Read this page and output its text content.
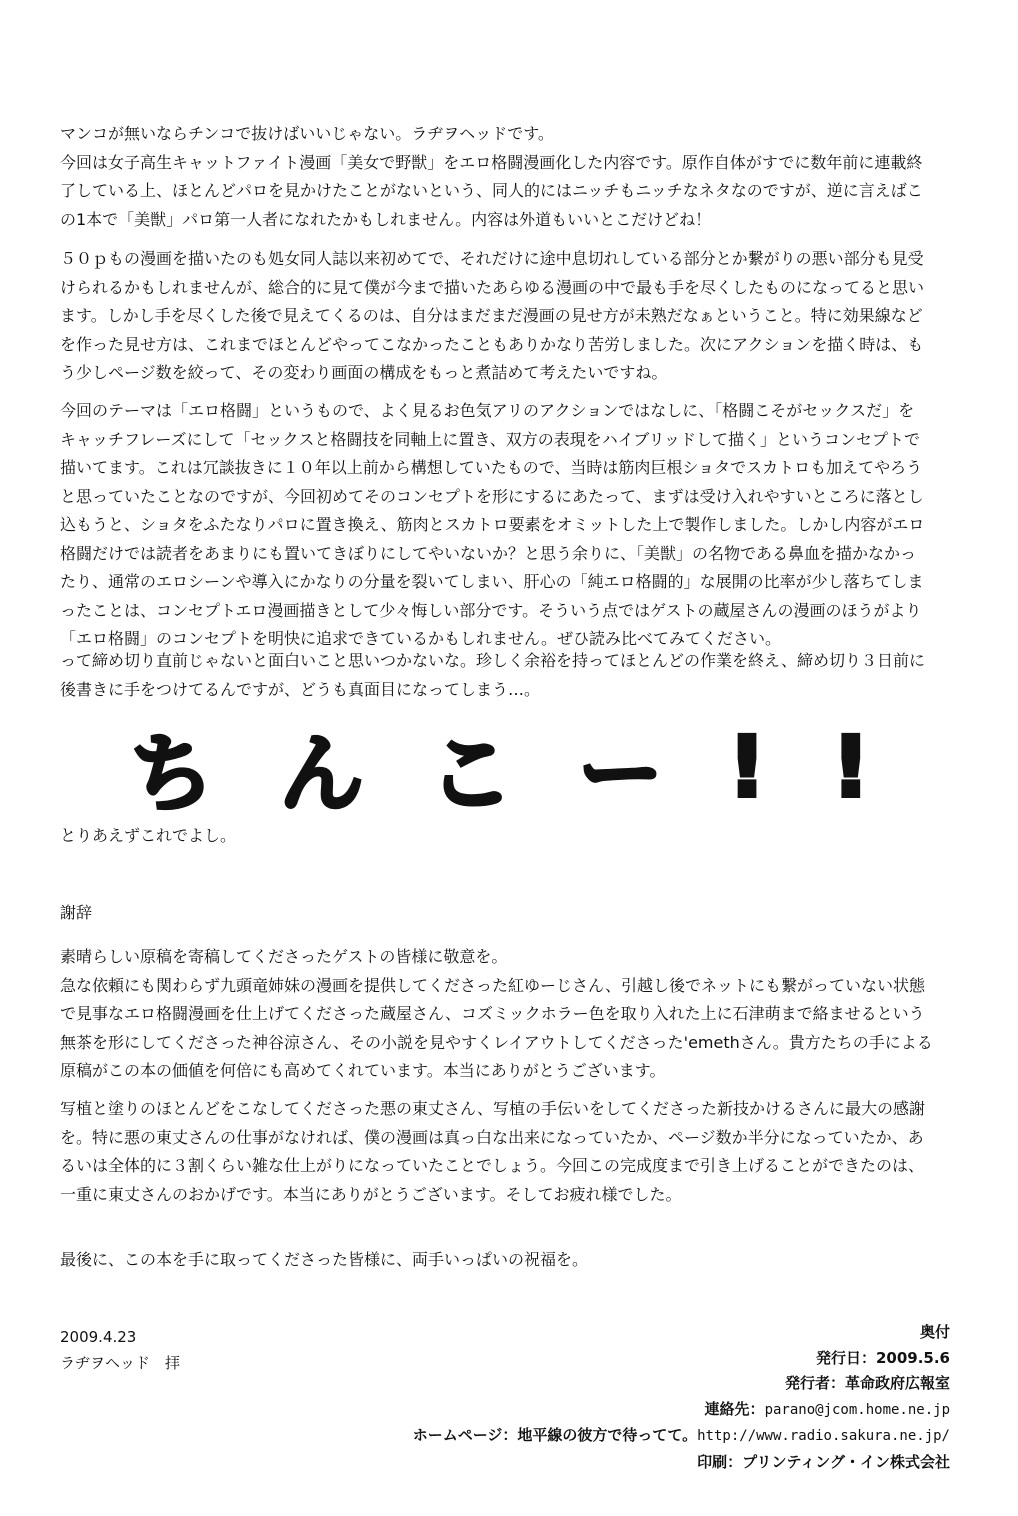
マンコが無いならチンコで抜けばいいじゃない。ラヂヲヘッドです。
今回は女子高生キャットファイト漫画「美女で野獣」をエロ格闘漫画化した内容です。原作自体がすでに数年前に連載終
了している上、ほとんどパロを見かけたことがないという、同人的にはニッチもニッチなネタなのですが、逆に言えばこ
の1本で「美獣」パロ第一人者になれたかもしれません。内容は外道もいいとこだけどね！
５０ｐもの漫画を描いたのも処女同人誌以来初めてで、それだけに途中息切れしている部分とか繋がりの悪い部分も見受
けられるかもしれませんが、総合的に見て僕が今まで描いたあらゆる漫画の中で最も手を尽くしたものになってると思い
ます。しかし手を尽くした後で見えてくるのは、自分はまだまだ漫画の見せ方が未熟だなぁということ。特に効果線など
を作った見せ方は、これまでほとんどやってこなかったこともありかなり苦労しました。次にアクションを描く時は、も
う少しページ数を絞って、その変わり画面の構成をもっと煮詰めて考えたいですね。
今回のテーマは「エロ格闘」というもので、よく見るお色気アリのアクションではなしに、「格闘こそがセックスだ」を
キャッチフレーズにして「セックスと格闘技を同軸上に置き、双方の表現をハイブリッドして描く」というコンセプトで
描いてます。これは冗談抜きに１０年以上前から構想していたもので、当時は筋肉巨根ショタでスカトロも加えてやろう
と思っていたことなのですが、今回初めてそのコンセプトを形にするにあたって、まずは受け入れやすいところに落とし
込もうと、ショタをふたなりパロに置き換え、筋肉とスカトロ要素をオミットした上で製作しました。しかし内容がエロ
格闘だけでは読者をあまりにも置いてきぼりにしてやいないか？と思う余りに、「美獣」の名物である鼻血を描かなかっ
たり、通常のエロシーンや導入にかなりの分量を裂いてしまい、肝心の「純エロ格闘的」な展開の比率が少し落ちてしま
ったことは、コンセプトエロ漫画描きとして少々悔しい部分です。そういう点ではゲストの蔵屋さんの漫画のほうがより
「エロ格闘」のコンセプトを明快に追求できているかもしれません。ぜひ読み比べてみてください。
って締め切り直前じゃないと面白いこと思いつかないな。珍しく余裕を持ってほとんどの作業を終え、締め切り３日前に
後書きに手をつけてるんですが、どうも真面目になってしまう…。
ち ん こ ー ! !
とりあえずこれでよし。
謝辞
素晴らしい原稿を寄稿してくださったゲストの皆様に敬意を。
急な依頼にも関わらず九頭竜姉妹の漫画を提供してくださった紅ゆーじさん、引越し後でネットにも繋がっていない状態
で見事なエロ格闘漫画を仕上げてくださった蔵屋さん、コズミックホラー色を取り入れた上に石津萌まで絡ませるという
無茶を形にしてくださった神谷涼さん、その小説を見やすくレイアウトしてくださった'emethさん。貴方たちの手による
原稿がこの本の価値を何倍にも高めてくれています。本当にありがとうございます。
写植と塗りのほとんどをこなしてくださった悪の東丈さん、写植の手伝いをしてくださった新技かけるさんに最大の感謝
を。特に悪の東丈さんの仕事がなければ、僕の漫画は真っ白な出来になっていたか、ページ数か半分になっていたか、あ
るいは全体的に３割くらい雑な仕上がりになっていたことでしょう。今回この完成度まで引き上げることができたのは、
一重に東丈さんのおかげです。本当にありがとうございます。そしてお疲れ様でした。
最後に、この本を手に取ってくださった皆様に、両手いっぱいの祝福を。
2009.4.23
ラヂヲヘッド　拝
奥付
発行日：2009.5.6
発行者：革命政府広報室
連絡先：parano@jcom.home.ne.jp
ホームページ：地平線の彼方で待ってて。http://www.radio.sakura.ne.jp/
印刷：プリンティング・イン株式会社
